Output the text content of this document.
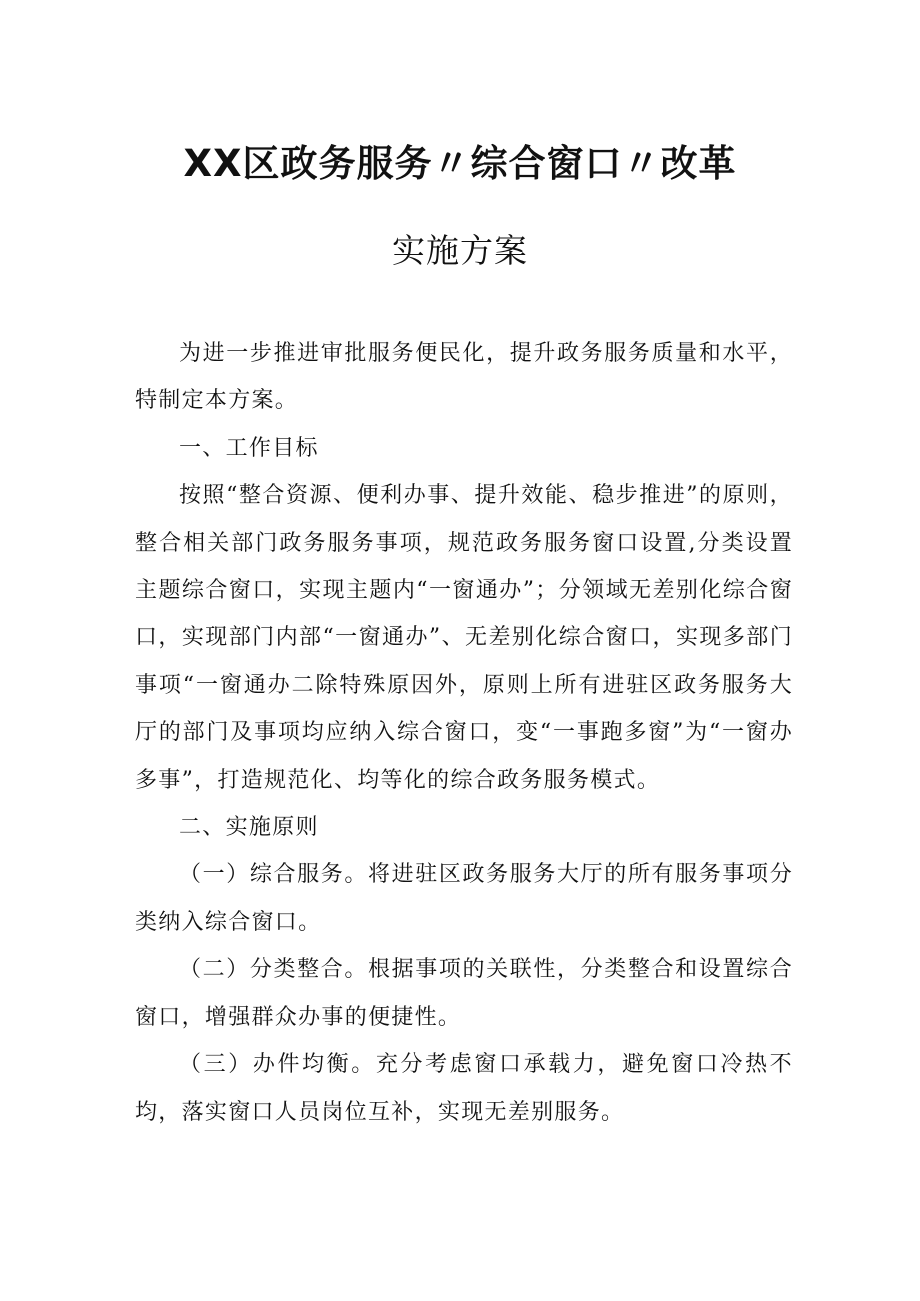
XX区政务服务〃综合窗口〃改革
实施方案

为进一步推进审批服务便民化，提升政务服务质量和水平，特制定本方案。

一、工作目标

按照“整合资源、便利办事、提升效能、稳步推进”的原则，整合相关部门政务服务事项，规范政务服务窗口设置,分类设置主题综合窗口，实现主题内“一窗通办”；分领域无差别化综合窗口，实现部门内部“一窗通办”、无差别化综合窗口，实现多部门事项“一窗通办二除特殊原因外，原则上所有进驻区政务服务大厅的部门及事项均应纳入综合窗口，变“一事跑多窗”为“一窗办多事”，打造规范化、均等化的综合政务服务模式。

二、实施原则

（一）综合服务。将进驻区政务服务大厅的所有服务事项分类纳入综合窗口。

（二）分类整合。根据事项的关联性，分类整合和设置综合窗口，增强群众办事的便捷性。

（三）办件均衡。充分考虑窗口承载力，避免窗口冷热不均，落实窗口人员岗位互补，实现无差别服务。
